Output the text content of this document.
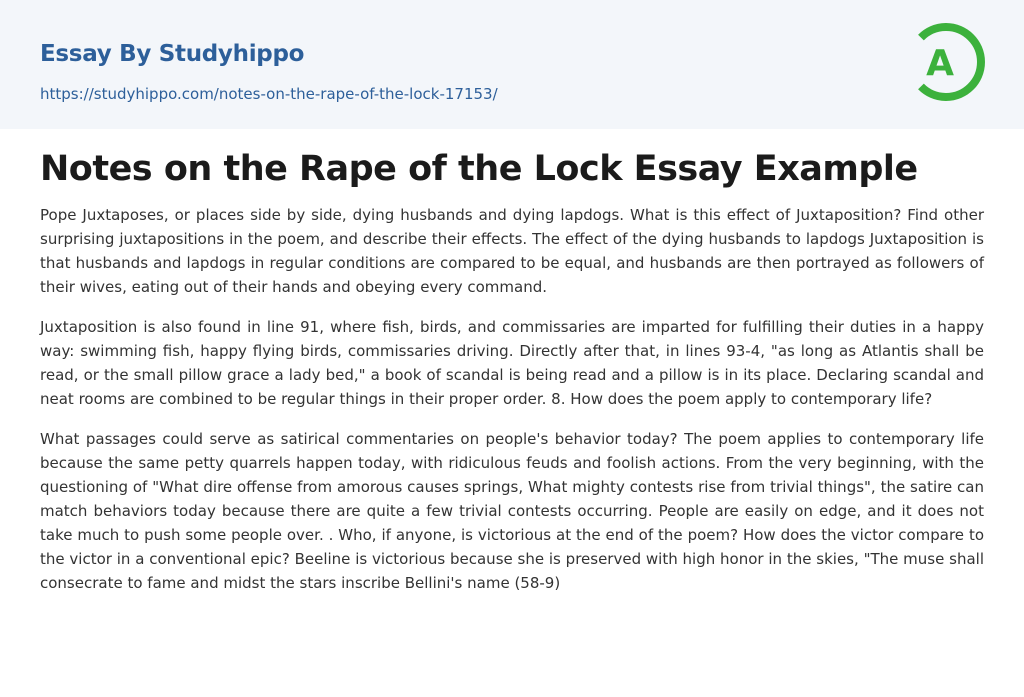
Essay By Studyhippo
https://studyhippo.com/notes-on-the-rape-of-the-lock-17153/
A
Notes on the Rape of the Lock Essay Example

Pope Juxtaposes, or places side by side, dying husbands and dying lapdogs. What is this effect of Juxtaposition? Find other surprising juxtapositions in the poem, and describe their effects. The effect of the dying husbands to lapdogs Juxtaposition is that husbands and lapdogs in regular conditions are compared to be equal, and husbands are then portrayed as followers of their wives, eating out of their hands and obeying every command.

Juxtaposition is also found in line 91, where fish, birds, and commissaries are imparted for fulfilling their duties in a happy way: swimming fish, happy flying birds, commissaries driving. Directly after that, in lines 93-4, "as long as Atlantis shall be read, or the small pillow grace a lady bed," a book of scandal is being read and a pillow is in its place. Declaring scandal and neat rooms are combined to be regular things in their proper order. 8. How does the poem apply to contemporary life?

What passages could serve as satirical commentaries on people's behavior today? The poem applies to contemporary life because the same petty quarrels happen today, with ridiculous feuds and foolish actions. From the very beginning, with the questioning of "What dire offense from amorous causes springs, What mighty contests rise from trivial things", the satire can match behaviors today because there are quite a few trivial contests occurring. People are easily on edge, and it does not take much to push some people over. . Who, if anyone, is victorious at the end of the poem? How does the victor compare to the victor in a conventional epic? Beeline is victorious because she is preserved with high honor in the skies, "The muse shall consecrate to fame and midst the stars inscribe Bellini's name (58-9)
